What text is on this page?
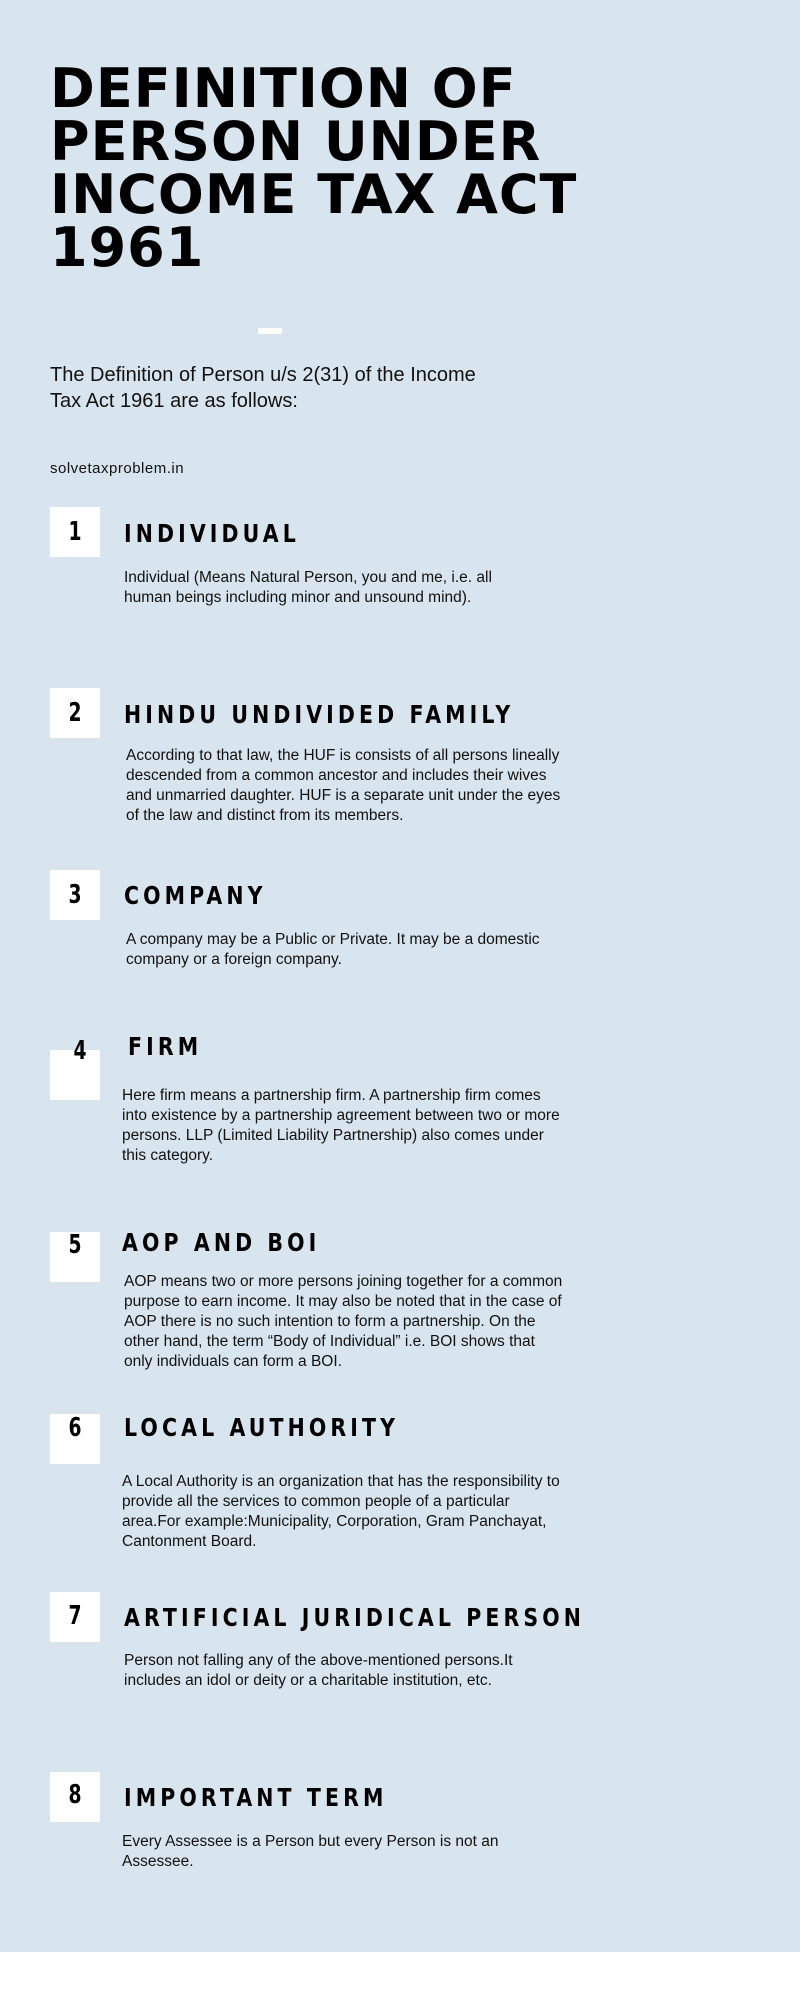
DEFINITION OF
PERSON UNDER
INCOME TAX ACT 1961

The Definition of Person u/s 2(31) of the Income Tax Act 1961 are as follows:

solvetaxproblem.in
1	INDIVIDUAL

Individual (Means Natural Person, you and me, i.e. all human beings including minor and unsound mind).

2	HINDU UNDIVIDED FAMILY

According to that law, the HUF is consists of all persons lineally descended from a common ancestor and includes their wives and unmarried daughter. HUF is a separate unit under the eyes of the law and distinct from its members.

3	COMPANY

A company may be a Public or Private. It may be a domestic company or a foreign company.

4	FIRM

Here firm means a partnership firm. A partnership firm comes into existence by a partnership agreement between two or more persons. LLP (Limited Liability Partnership) also comes under this category.

5	AOP AND BOI

AOP means two or more persons joining together for a common purpose to earn income. It may also be noted that in the case of AOP there is no such intention to form a partnership. On the other hand, the term “Body of Individual” i.e. BOI shows that only individuals can form a BOI.

6	LOCAL AUTHORITY

A Local Authority is an organization that has the responsibility to provide all the services to common people of a particular area.For example:Municipality, Corporation, Gram Panchayat, Cantonment Board.

7	ARTIFICIAL JURIDICAL PERSON

Person not falling any of the above-mentioned persons.It includes an idol or deity or a charitable institution, etc.

8	IMPORTANT TERM

Every Assessee is a Person but every Person is not an Assessee.
